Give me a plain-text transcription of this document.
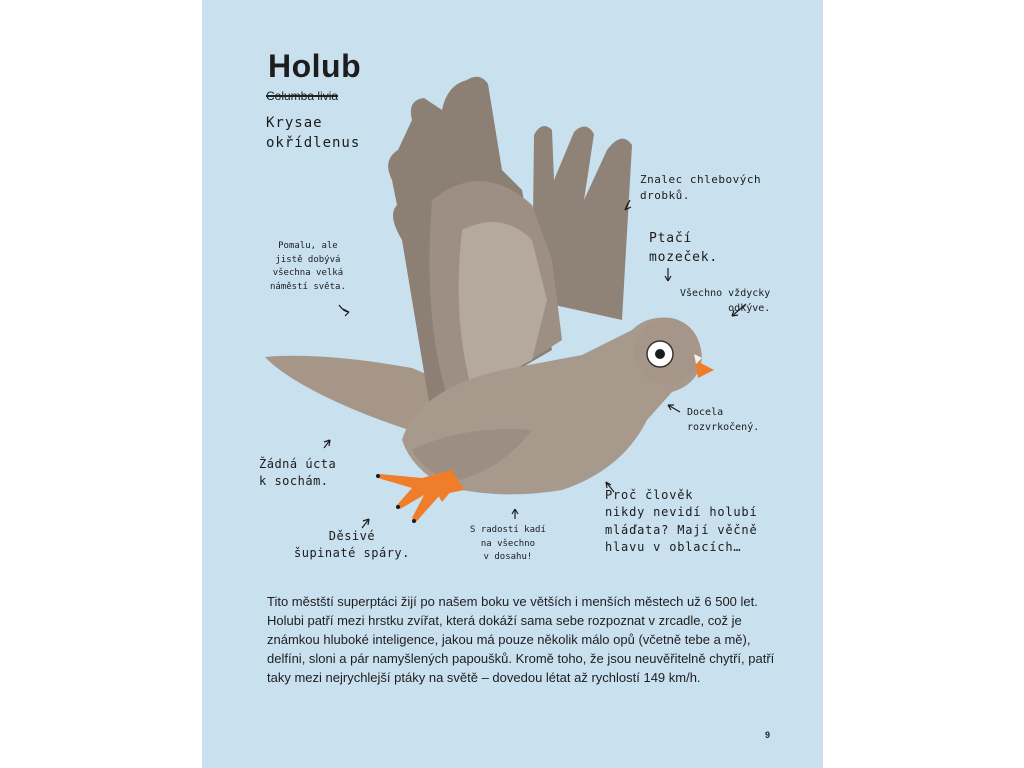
Holub
Columba livia
Krysae
okřídlenus
Znalec chlebových
drobků.
Pomalu, ale
jistě dobývá
všechna velká
náměstí světa.
Ptačí
mozeček.
Všechno vždycky
odkýve.
Docela
rozvrkočený.
Žádná úcta
k sochám.
Děsivé
šupinaté spáry.
S radostí kadí
na všechno
v dosahu!
Proč člověk
nikdy nevidí holubí
mláďata? Mají věčně
hlavu v oblacích…

Tito městští superptáci žijí po našem boku ve větších i menších městech už 6 500 let. Holubi patří mezi hrstku zvířat, která dokáží sama sebe rozpoznat v zrcadle, což je známkou hluboké inteligence, jakou má pouze několik málo opů (včetně tebe a mě), delfíni, sloni a pár namyšlených papoušků. Kromě toho, že jsou neuvěřitelně chytří, patří taky mezi nejrychlejší ptáky na světě – dovedou létat až rychlostí 149 km/h.

9
